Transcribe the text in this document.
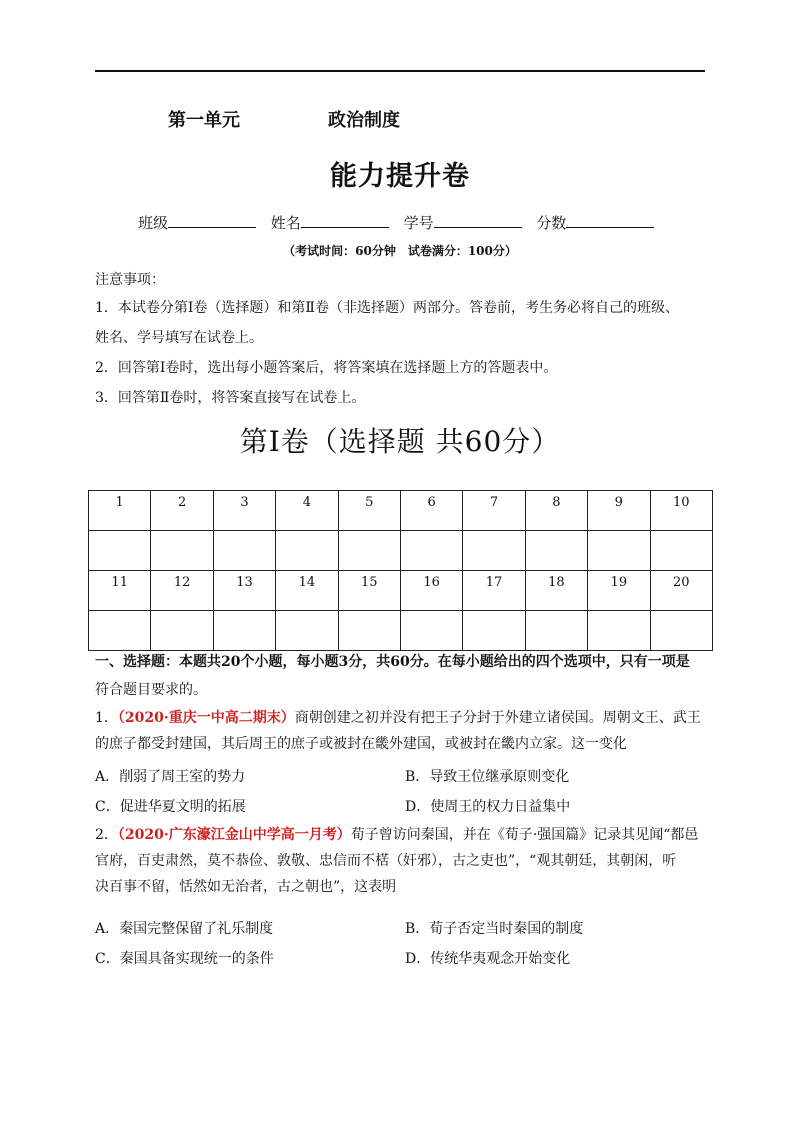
第一单元	政治制度
能力提升卷
班级	姓名	学号	分数
（考试时间：60分钟　试卷满分：100分）
注意事项：
1．本试卷分第Ⅰ卷（选择题）和第Ⅱ卷（非选择题）两部分。答卷前，考生务必将自己的班级、
姓名、学号填写在试卷上。
2．回答第Ⅰ卷时，选出每小题答案后，将答案填在选择题上方的答题表中。
3．回答第Ⅱ卷时，将答案直接写在试卷上。
第Ⅰ卷（选择题 共60分）
1	2	3	4	5	6	7	8	9	10

11	12	13	14	15	16	17	18	19	20

一、选择题：本题共20个小题，每小题3分，共60分。在每小题给出的四个选项中，只有一项是
符合题目要求的。
1．（2020·重庆一中高二期末）商朝创建之初并没有把王子分封于外建立诸侯国。周朝文王、武王
的庶子都受封建国，其后周王的庶子或被封在畿外建国，或被封在畿内立家。这一变化
A．削弱了周王室的势力	B．导致王位继承原则变化
C．促进华夏文明的拓展	D．使周王的权力日益集中
2．（2020·广东濠江金山中学高一月考）荀子曾访问秦国，并在《荀子·强国篇》记录其见闻“都邑
官府，百吏肃然，莫不恭俭、敦敬、忠信而不楛（奸邪），古之吏也”，“观其朝廷，其朝闲，听
决百事不留，恬然如无治者，古之朝也”，这表明
A．秦国完整保留了礼乐制度	B．荀子否定当时秦国的制度
C．秦国具备实现统一的条件	D．传统华夷观念开始变化
